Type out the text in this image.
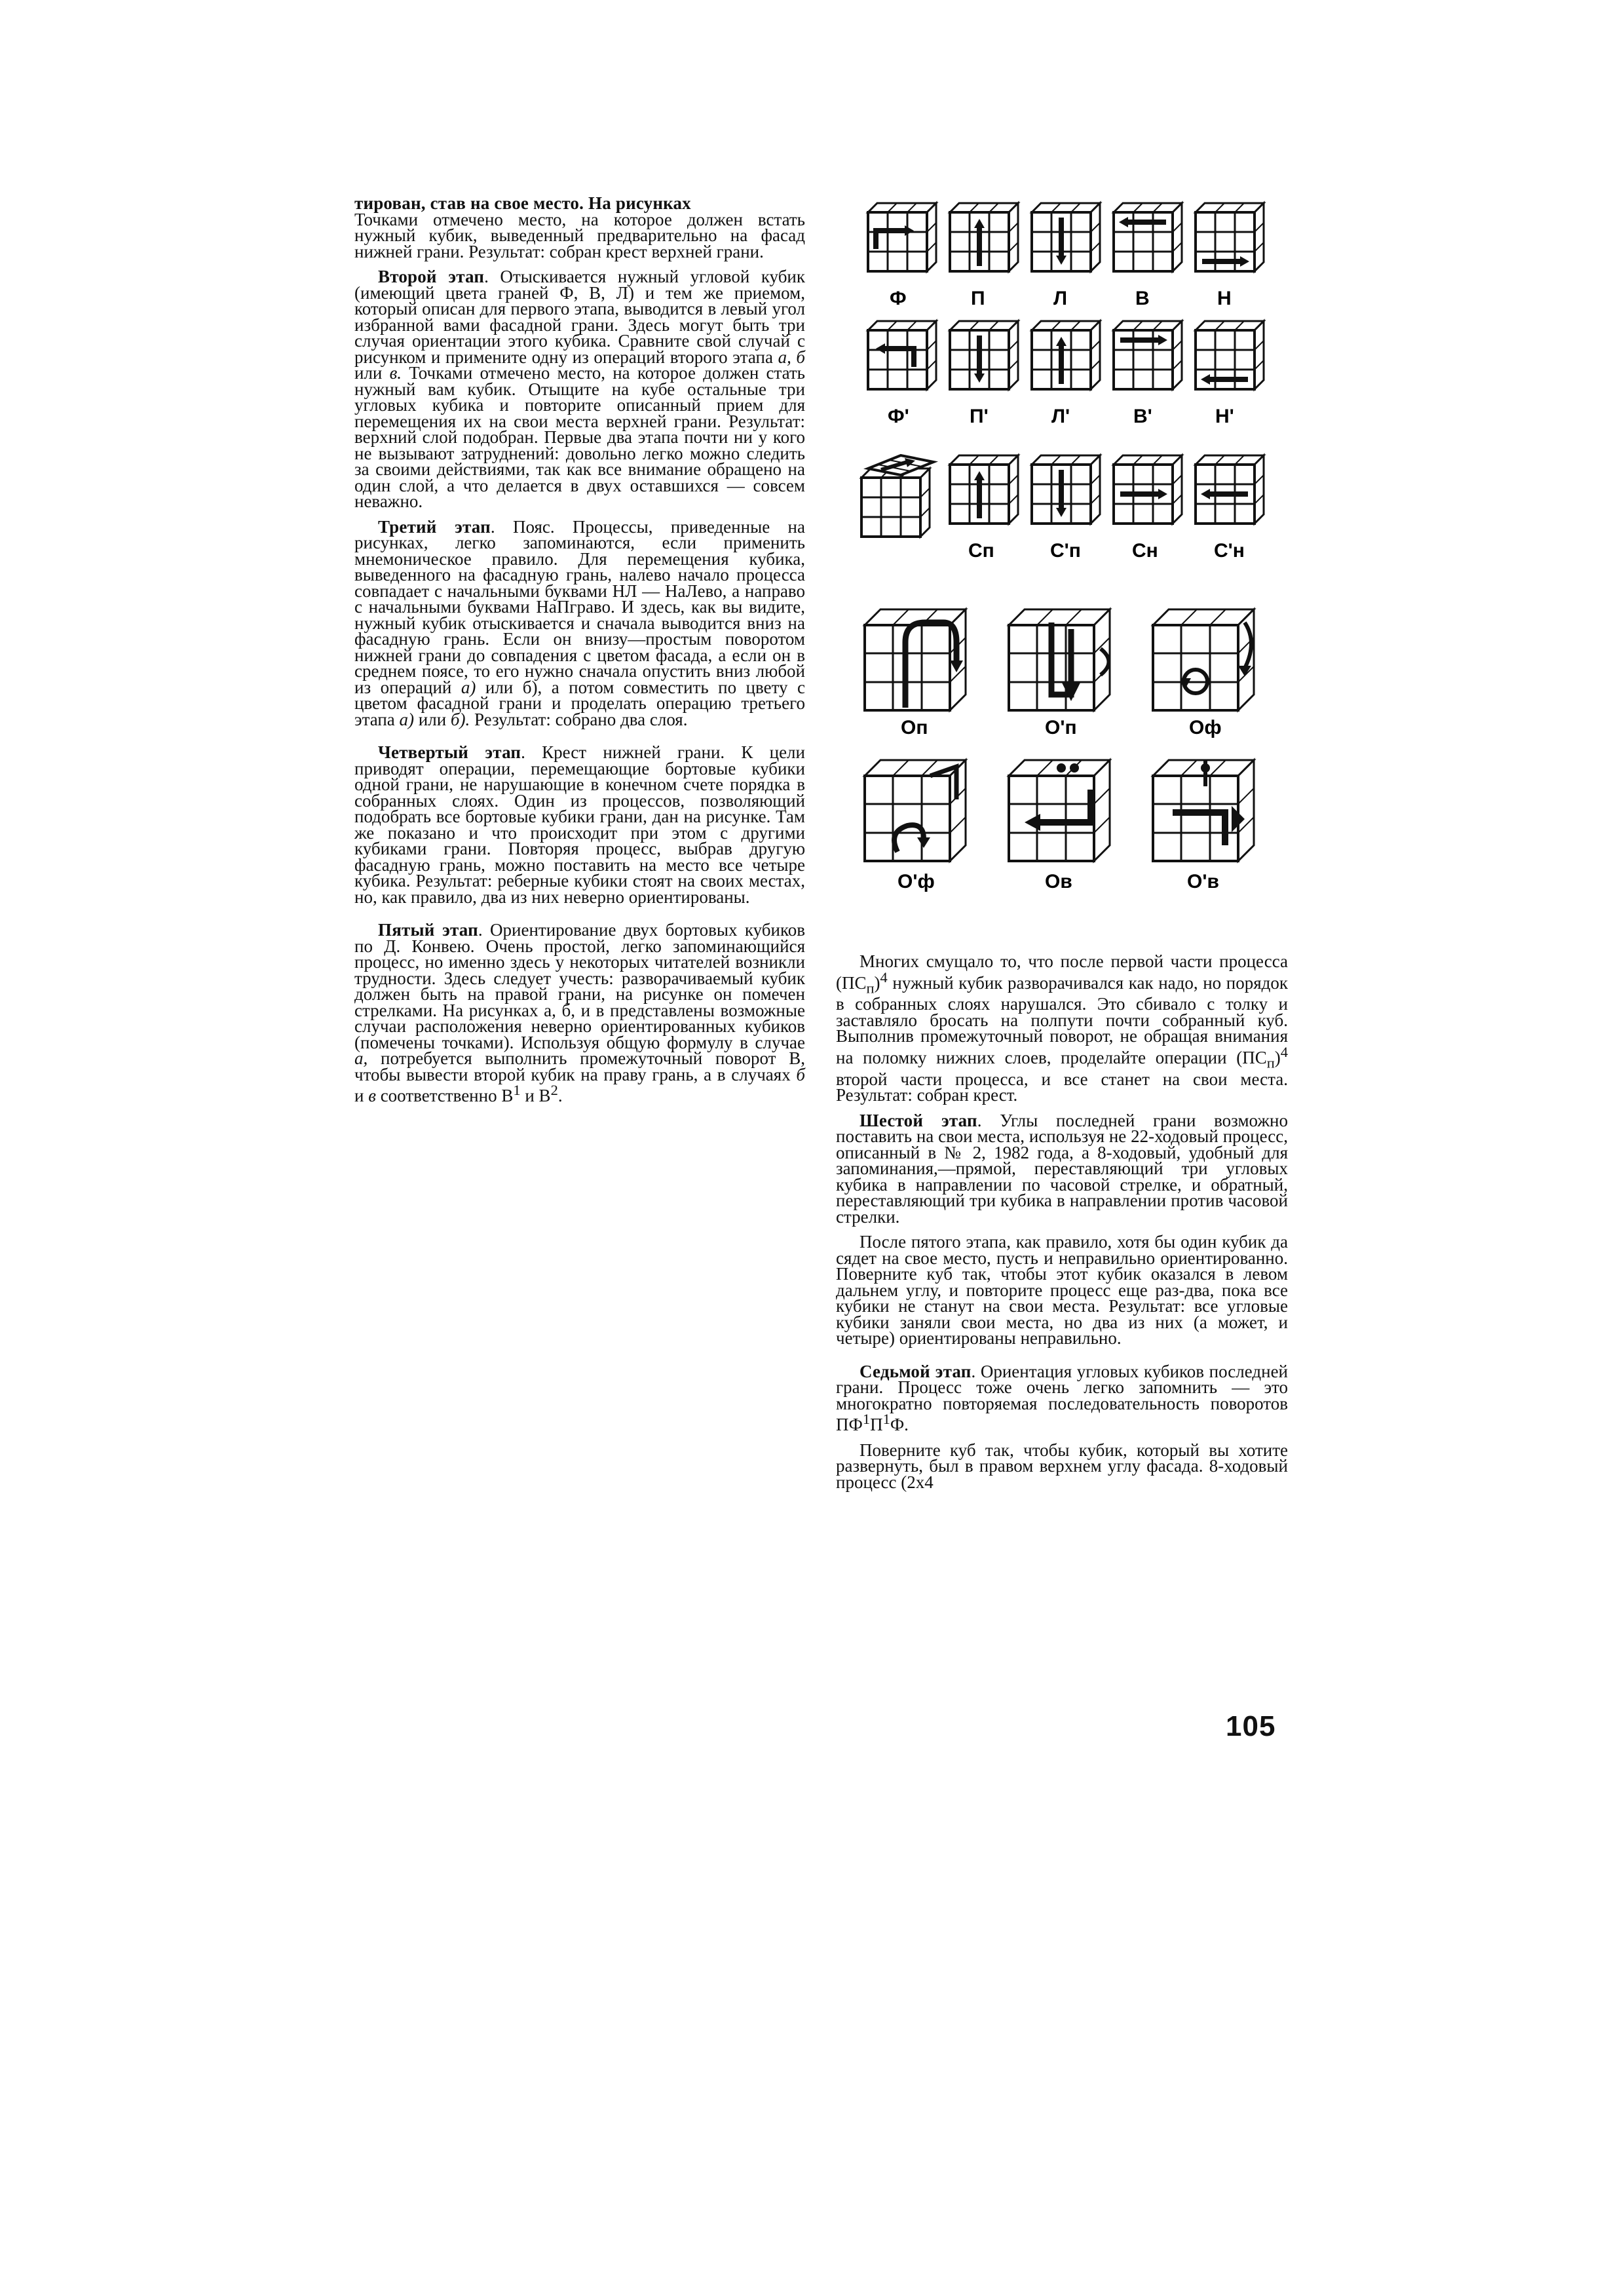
тирован, став на свое место. На рисунках
Точками отмечено место, на которое должен встать нужный кубик, выведенный предварительно на фасад нижней грани. Результат: собран крест верхней грани.

Второй этап. Отыскивается нужный угловой кубик (имеющий цвета граней Ф, В, Л) и тем же приемом, который описан для первого этапа, выводится в левый угол избранной вами фасадной грани. Здесь могут быть три случая ориентации этого кубика. Сравните свой случай с рисунком и примените одну из операций второго этапа а, б или в. Точками отмечено место, на которое должен стать нужный вам кубик. Отыщите на кубе остальные три угловых кубика и повторите описанный прием для перемещения их на свои места верхней грани. Результат: верхний слой подобран. Первые два этапа почти ни у кого не вызывают затруднений: довольно легко можно следить за своими действиями, так как все внимание обращено на один слой, а что делается в двух оставшихся — совсем неважно.

Третий этап. Пояс. Процессы, приведенные на рисунках, легко запоминаются, если применить мнемоническое правило. Для перемещения кубика, выведенного на фасадную грань, налево начало процесса совпадает с начальными буквами НЛ — НаЛево, а направо с начальными буквами НаПграво. И здесь, как вы видите, нужный кубик отыскивается и сначала выводится вниз на фасадную грань. Если он внизу—простым поворотом нижней грани до совпадения с цветом фасада, а если он в среднем поясе, то его нужно сначала опустить вниз любой из операций а) или б), а потом совместить по цвету с цветом фасадной грани и проделать операцию третьего этапа а) или б). Результат: собрано два слоя.

Четвертый этап. Крест нижней грани. К цели приводят операции, перемещающие бортовые кубики одной грани, не нарушающие в конечном счете порядка в собранных слоях. Один из процессов, позволяющий подобрать все бортовые кубики грани, дан на рисунке. Там же показано и что происходит при этом с другими кубиками грани. Повторяя процесс, выбрав другую фасадную грань, можно поставить на место все четыре кубика. Результат: реберные кубики стоят на своих местах, но, как правило, два из них неверно ориентированы.

Пятый этап. Ориентирование двух бортовых кубиков по Д. Конвею. Очень простой, легко запоминающийся процесс, но именно здесь у некоторых читателей возникли трудности. Здесь следует учесть: разворачиваемый кубик должен быть на правой грани, на рисунке он помечен стрелками. На рисунках а, б, и в представлены возможные случаи расположения неверно ориентированных кубиков (помечены точками). Используя общую формулу в случае а, потребуется выполнить промежуточный поворот В, чтобы вывести второй кубик на праву грань, а в случаях б и в соответственно $В^1$ и $В^2$.

Ф	П	Л	В	Н
Ф'	П'	Л'	В'	Н'
Сп	С'п	Сн	С'н
Оп	О'п	Оф
О'ф	Ов	О'в

Многих смущало то, что после первой части процесса $(ПС_п)^4$ нужный кубик разворачивался как надо, но порядок в собранных слоях нарушался. Это сбивало с толку и заставляло бросать на полпути почти собранный куб. Выполнив промежуточный поворот, не обращая внимания на поломку нижних слоев, проделайте операции $(ПС_п)^4$ второй части процесса, и все станет на свои места. Результат: собран крест.

Шестой этап. Углы последней грани возможно поставить на свои места, используя не 22-ходовый процесс, описанный в № 2, 1982 года, а 8-ходовый, удобный для запоминания,—прямой, переставляющий три угловых кубика в направлении по часовой стрелке, и обратный, переставляющий три кубика в направлении против часовой стрелки.

После пятого этапа, как правило, хотя бы один кубик да сядет на свое место, пусть и неправильно ориентированно. Поверните куб так, чтобы этот кубик оказался в левом дальнем углу, и повторите процесс еще раз-два, пока все кубики не станут на свои места. Результат: все угловые кубики заняли свои места, но два из них (а может, и четыре) ориентированы неправильно.

Седьмой этап. Ориентация угловых кубиков последней грани. Процесс тоже очень легко запомнить — это многократно повторяемая последовательность поворотов $ПФ^1П^1Ф$.

Поверните куб так, чтобы кубик, который вы хотите развернуть, был в правом верхнем углу фасада. 8-ходовый процесс (2х4

105
